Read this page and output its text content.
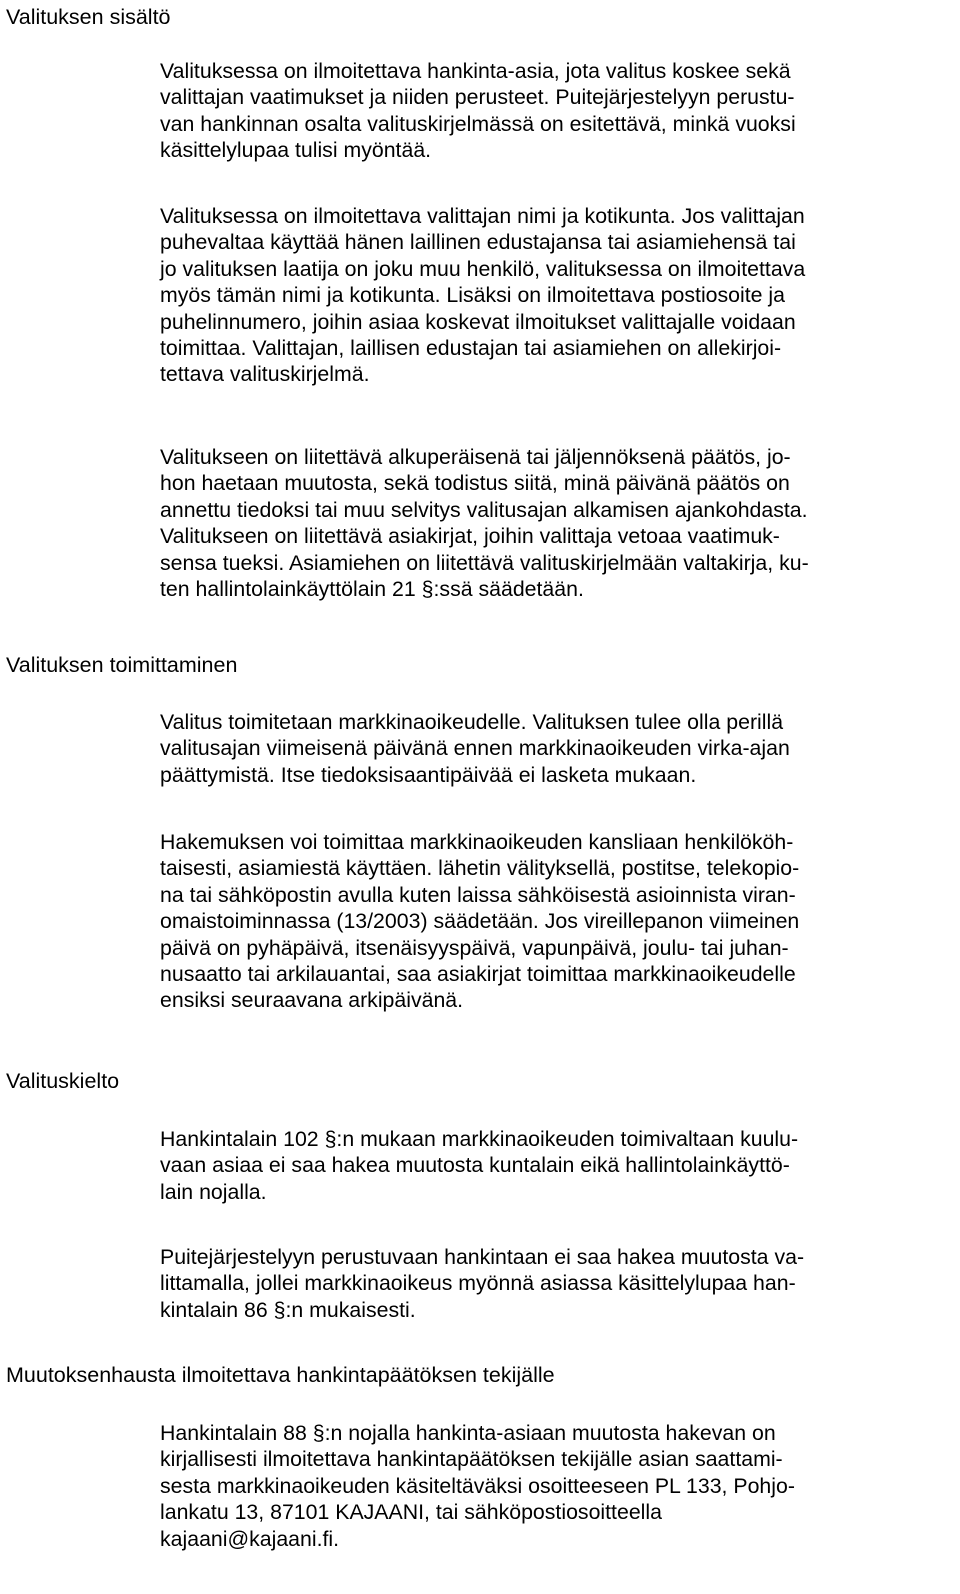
Valituksen sisältö
Valituksessa on ilmoitettava hankinta-asia, jota valitus koskee sekä
valittajan vaatimukset ja niiden perusteet. Puitejärjestelyyn perustu-
van hankinnan osalta valituskirjelmässä on esitettävä, minkä vuoksi
käsittelylupaa tulisi myöntää.
Valituksessa on ilmoitettava valittajan nimi ja kotikunta. Jos valittajan
puhevaltaa käyttää hänen laillinen edustajansa tai asiamiehensä tai
jo valituksen laatija on joku muu henkilö, valituksessa on ilmoitettava
myös tämän nimi ja kotikunta. Lisäksi on ilmoitettava postiosoite ja
puhelinnumero, joihin asiaa koskevat ilmoitukset valittajalle voidaan
toimittaa. Valittajan, laillisen edustajan tai asiamiehen on allekirjoi-
tettava valituskirjelmä.
Valitukseen on liitettävä alkuperäisenä tai jäljennöksenä päätös, jo-
hon haetaan muutosta, sekä todistus siitä, minä päivänä päätös on
annettu tiedoksi tai muu selvitys valitusajan alkamisen ajankohdasta.
Valitukseen on liitettävä asiakirjat, joihin valittaja vetoaa vaatimuk-
sensa tueksi. Asiamiehen on liitettävä valituskirjelmään valtakirja, ku-
ten hallintolainkäyttölain 21 §:ssä säädetään.
Valituksen toimittaminen
Valitus toimitetaan markkinaoikeudelle. Valituksen tulee olla perillä
valitusajan viimeisenä päivänä ennen markkinaoikeuden virka-ajan
päättymistä. Itse tiedoksisaantipäivää ei lasketa mukaan.
Hakemuksen voi toimittaa markkinaoikeuden kansliaan henkilököh-
taisesti, asiamiestä käyttäen. lähetin välityksellä, postitse, telekopio-
na tai sähköpostin avulla kuten laissa sähköisestä asioinnista viran-
omaistoiminnassa (13/2003) säädetään. Jos vireillepanon viimeinen
päivä on pyhäpäivä, itsenäisyyspäivä, vapunpäivä, joulu- tai juhan-
nusaatto tai arkilauantai, saa asiakirjat toimittaa markkinaoikeudelle
ensiksi seuraavana arkipäivänä.
Valituskielto
Hankintalain 102 §:n mukaan markkinaoikeuden toimivaltaan kuulu-
vaan asiaa ei saa hakea muutosta kuntalain eikä hallintolainkäyttö-
lain nojalla.
Puitejärjestelyyn perustuvaan hankintaan ei saa hakea muutosta va-
littamalla, jollei markkinaoikeus myönnä asiassa käsittelylupaa han-
kintalain 86 §:n mukaisesti.
Muutoksenhausta ilmoitettava hankintapäätöksen tekijälle
Hankintalain 88 §:n nojalla hankinta-asiaan muutosta hakevan on
kirjallisesti ilmoitettava hankintapäätöksen tekijälle asian saattami-
sesta markkinaoikeuden käsiteltäväksi osoitteeseen PL 133, Pohjo-
lankatu 13, 87101 KAJAANI, tai sähköpostiosoitteella
kajaani@kajaani.fi.
